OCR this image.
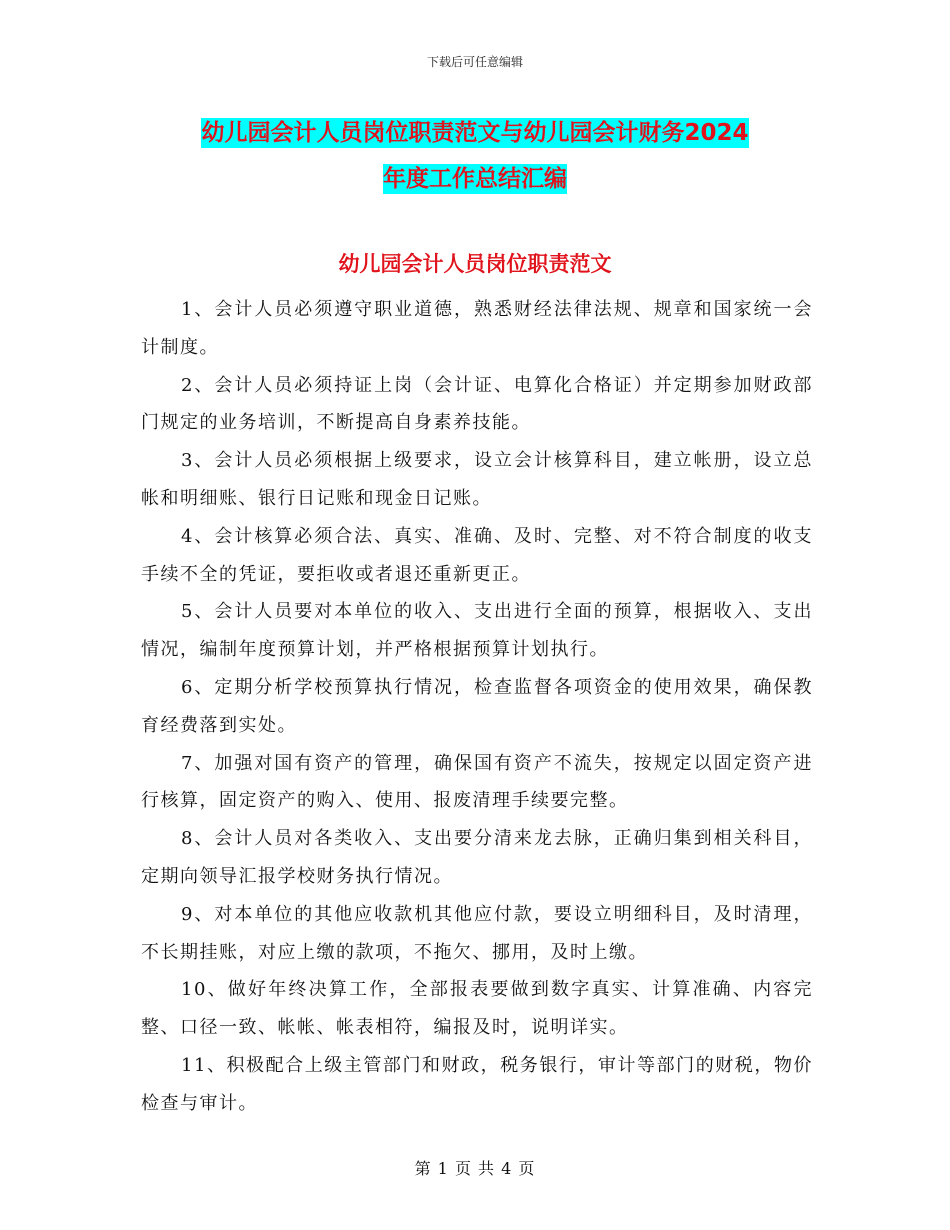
下载后可任意编辑
幼儿园会计人员岗位职责范文与幼儿园会计财务2024
年度工作总结汇编
幼儿园会计人员岗位职责范文

1、会计人员必须遵守职业道德，熟悉财经法律法规、规章和国家统一会计制度。

2、会计人员必须持证上岗（会计证、电算化合格证）并定期参加财政部门规定的业务培训，不断提高自身素养技能。

3、会计人员必须根据上级要求，设立会计核算科目，建立帐册，设立总帐和明细账、银行日记账和现金日记账。

4、会计核算必须合法、真实、准确、及时、完整、对不符合制度的收支手续不全的凭证，要拒收或者退还重新更正。

5、会计人员要对本单位的收入、支出进行全面的预算，根据收入、支出情况，编制年度预算计划，并严格根据预算计划执行。

6、定期分析学校预算执行情况，检查监督各项资金的使用效果，确保教育经费落到实处。

7、加强对国有资产的管理，确保国有资产不流失，按规定以固定资产进行核算，固定资产的购入、使用、报废清理手续要完整。

8、会计人员对各类收入、支出要分清来龙去脉，正确归集到相关科目，定期向领导汇报学校财务执行情况。

9、对本单位的其他应收款机其他应付款，要设立明细科目，及时清理，不长期挂账，对应上缴的款项，不拖欠、挪用，及时上缴。

10、做好年终决算工作，全部报表要做到数字真实、计算准确、内容完整、口径一致、帐帐、帐表相符，编报及时，说明详实。

11、积极配合上级主管部门和财政，税务银行，审计等部门的财税，物价检查与审计。

第 1 页 共 4 页
